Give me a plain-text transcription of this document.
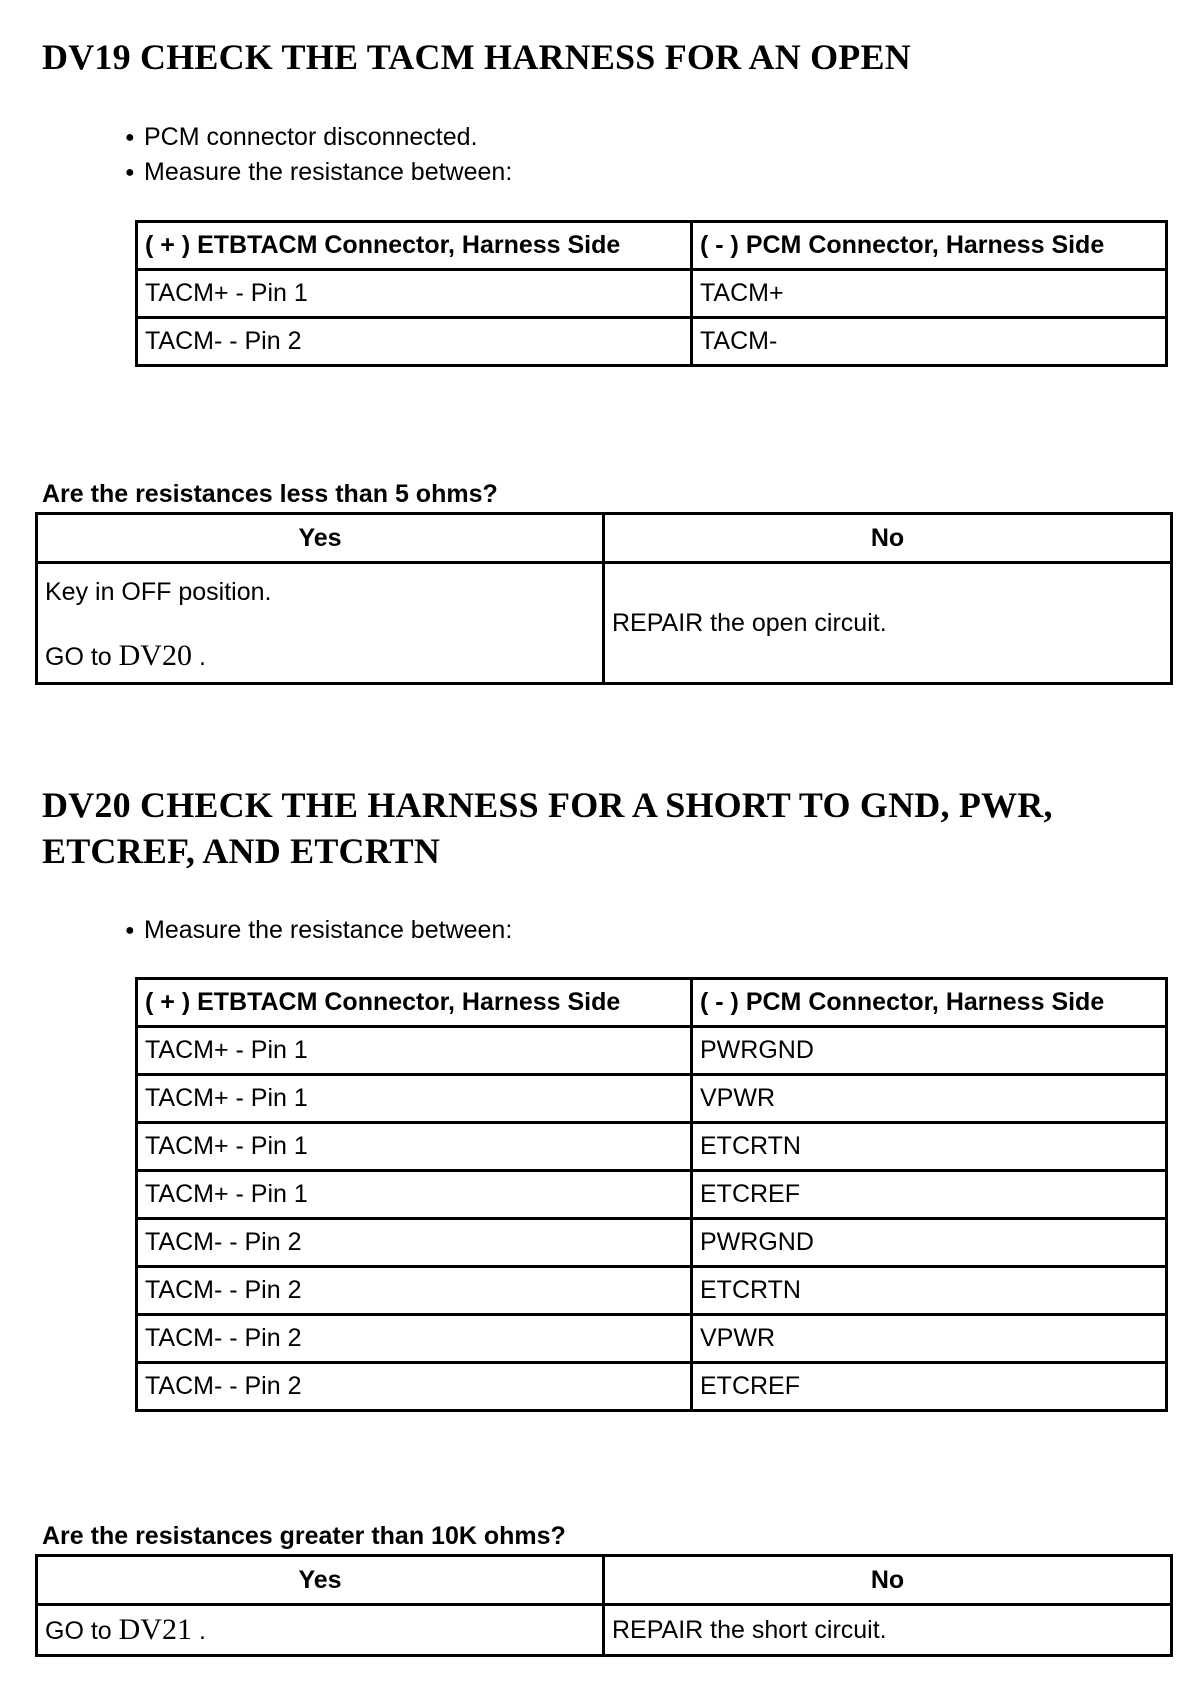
DV19 CHECK THE TACM HARNESS FOR AN OPEN
● PCM connector disconnected.
● Measure the resistance between:
( + ) ETBTACM Connector, Harness Side	( - ) PCM Connector, Harness Side
TACM+ - Pin 1	TACM+
TACM- - Pin 2	TACM-

Are the resistances less than 5 ohms?

Yes	No

Key in OFF position.
GO to DV20 .	REPAIR the open circuit.
DV20 CHECK THE HARNESS FOR A SHORT TO GND, PWR,
ETCREF, AND ETCRTN
● Measure the resistance between:
( + ) ETBTACM Connector, Harness Side	( - ) PCM Connector, Harness Side
TACM+ - Pin 1	PWRGND
TACM+ - Pin 1	VPWR
TACM+ - Pin 1	ETCRTN
TACM+ - Pin 1	ETCREF
TACM- - Pin 2	PWRGND
TACM- - Pin 2	ETCRTN
TACM- - Pin 2	VPWR
TACM- - Pin 2	ETCREF

Are the resistances greater than 10K ohms?

Yes	No
GO to DV21 .	REPAIR the short circuit.
